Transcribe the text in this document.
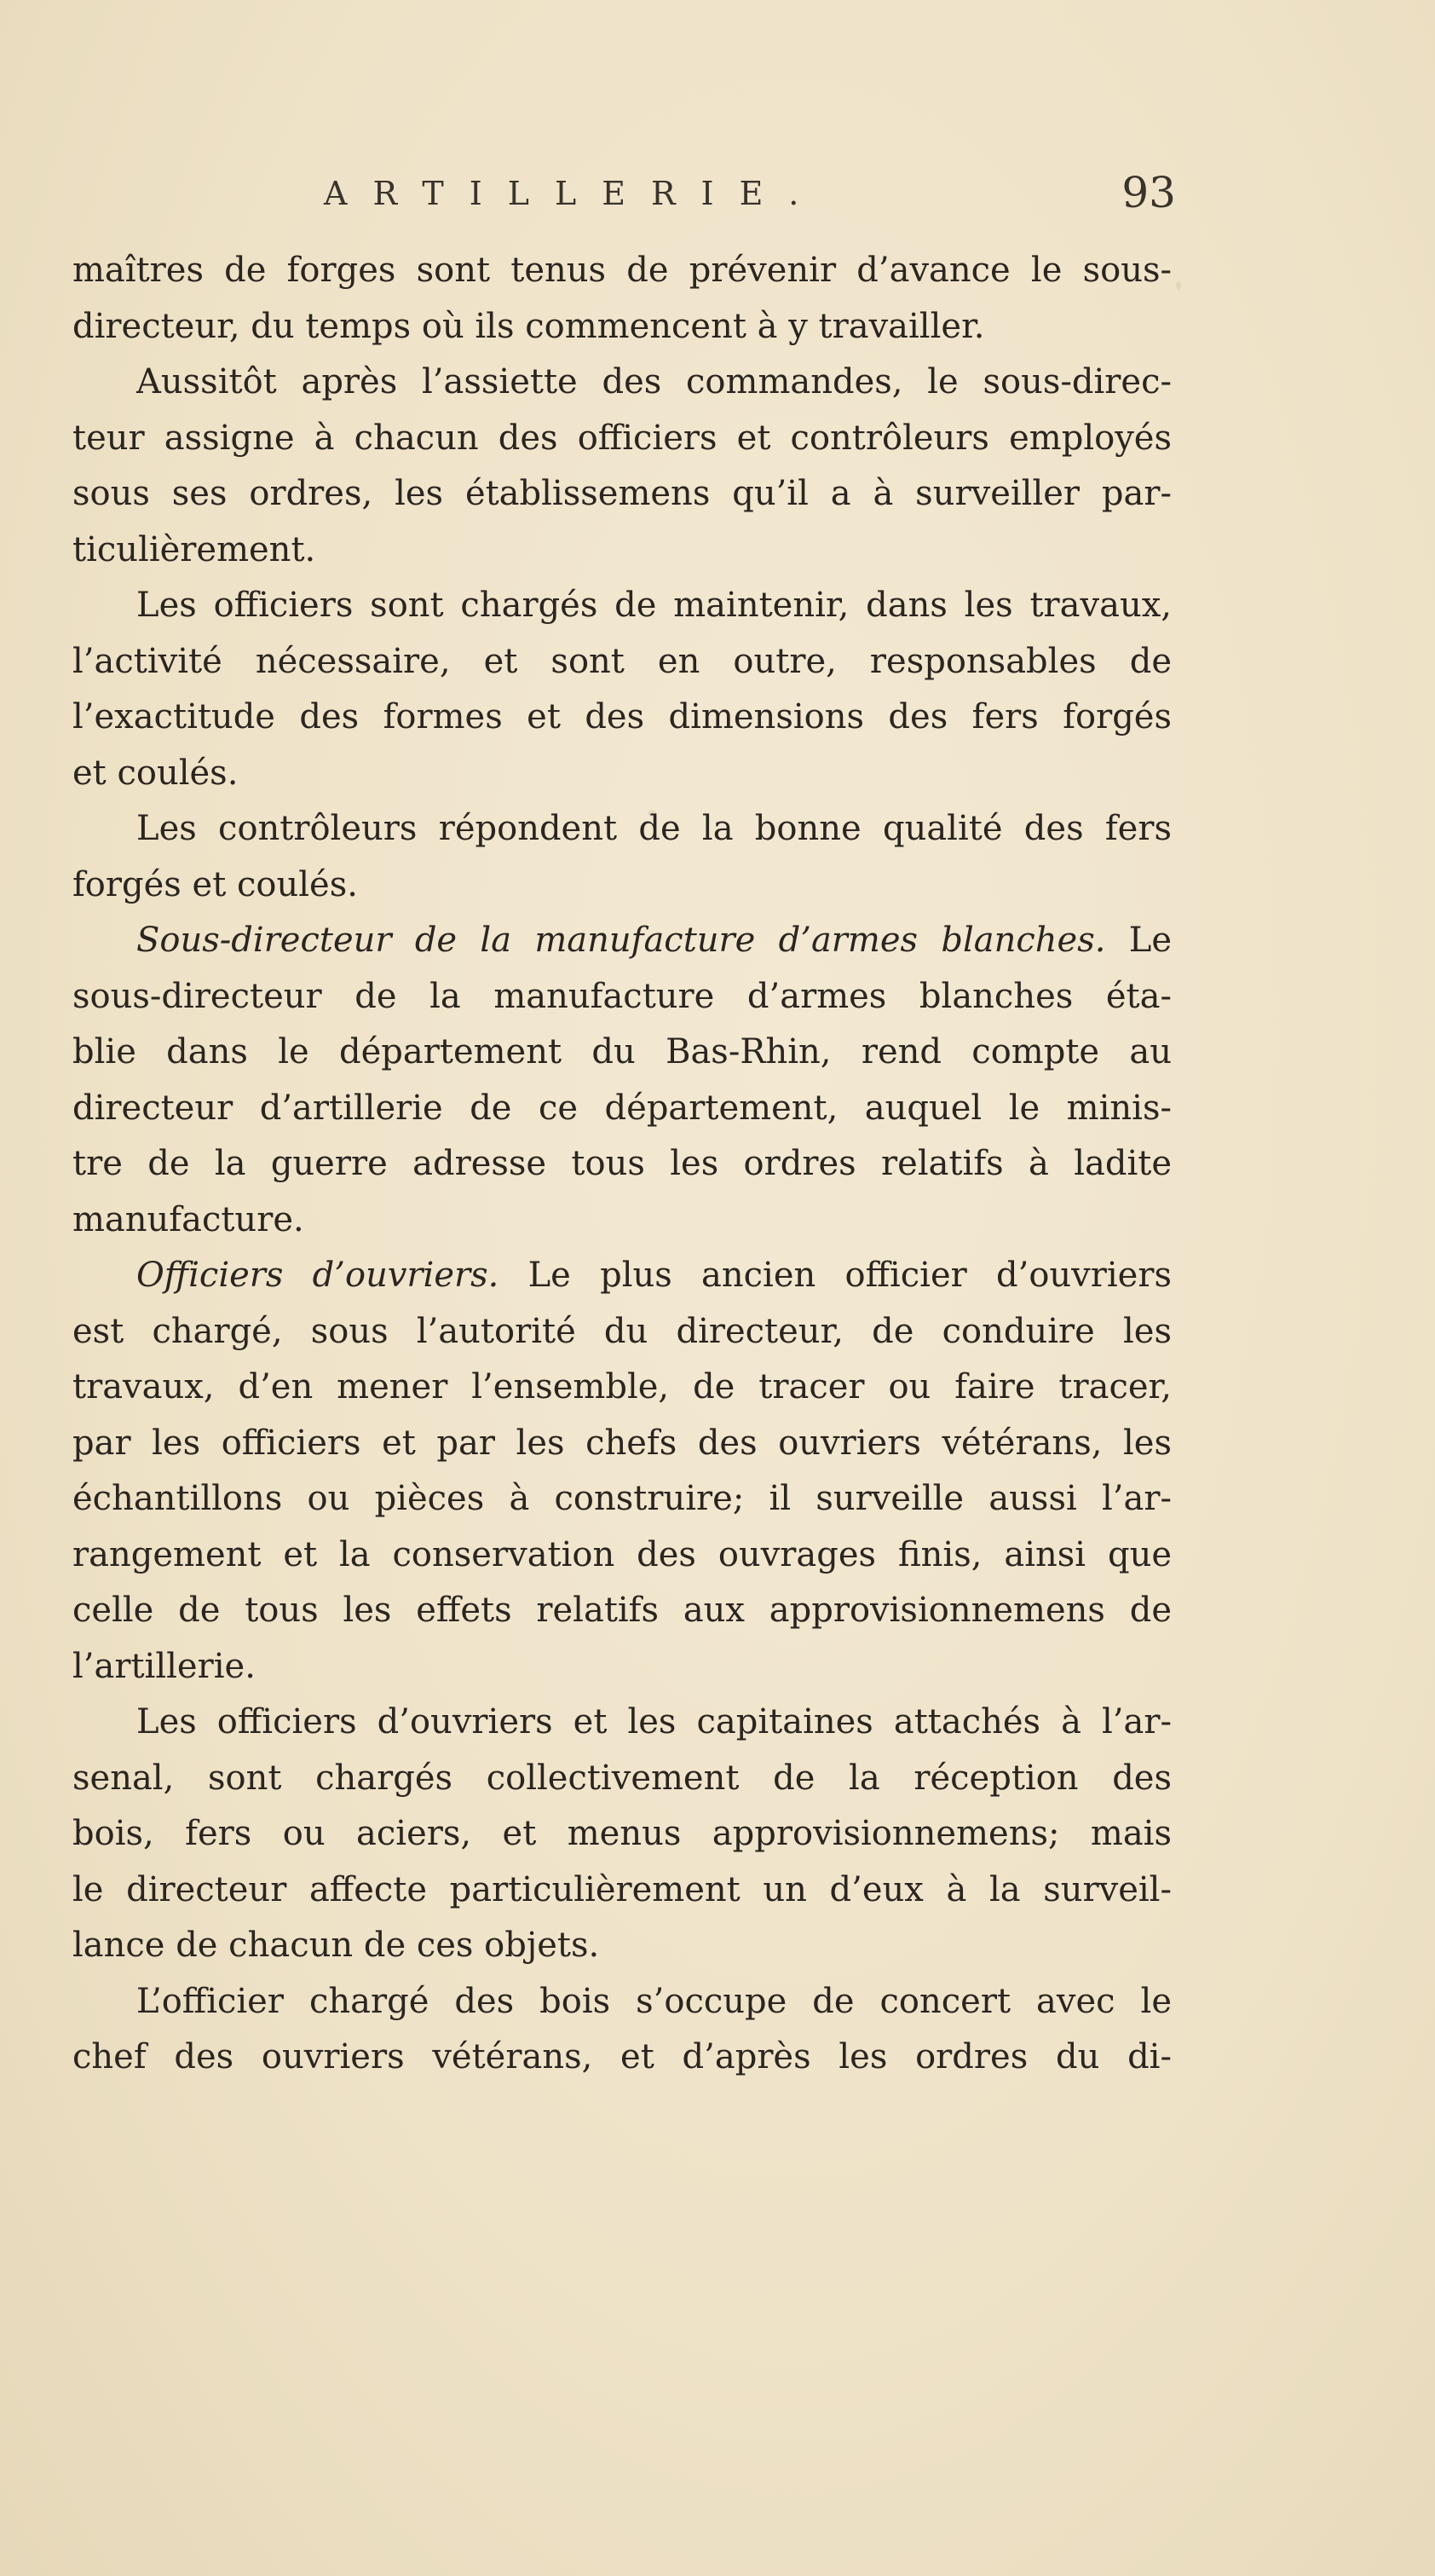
ARTILLERIE.	93
maîtres de forges sont tenus de prévenir d’avance le sous-
directeur, du temps où ils commencent à y travailler.
Aussitôt après l’assiette des commandes, le sous-direc-
teur assigne à chacun des officiers et contrôleurs employés
sous ses ordres, les établissemens qu’il a à surveiller par-
ticulièrement.
Les officiers sont chargés de maintenir, dans les travaux,
l’activité nécessaire, et sont en outre, responsables de
l’exactitude des formes et des dimensions des fers forgés
et coulés.
Les contrôleurs répondent de la bonne qualité des fers
forgés et coulés.
Sous-directeur de la manufacture d’armes blanches. Le
sous-directeur de la manufacture d’armes blanches éta-
blie dans le département du Bas-Rhin, rend compte au
directeur d’artillerie de ce département, auquel le minis-
tre de la guerre adresse tous les ordres relatifs à ladite
manufacture.
Officiers d’ouvriers. Le plus ancien officier d’ouvriers
est chargé, sous l’autorité du directeur, de conduire les
travaux, d’en mener l’ensemble, de tracer ou faire tracer,
par les officiers et par les chefs des ouvriers vétérans, les
échantillons ou pièces à construire; il surveille aussi l’ar-
rangement et la conservation des ouvrages finis, ainsi que
celle de tous les effets relatifs aux approvisionnemens de
l’artillerie.
Les officiers d’ouvriers et les capitaines attachés à l’ar-
senal, sont chargés collectivement de la réception des
bois, fers ou aciers, et menus approvisionnemens; mais
le directeur affecte particulièrement un d’eux à la surveil-
lance de chacun de ces objets.
L’officier chargé des bois s’occupe de concert avec le
chef des ouvriers vétérans, et d’après les ordres du di-
